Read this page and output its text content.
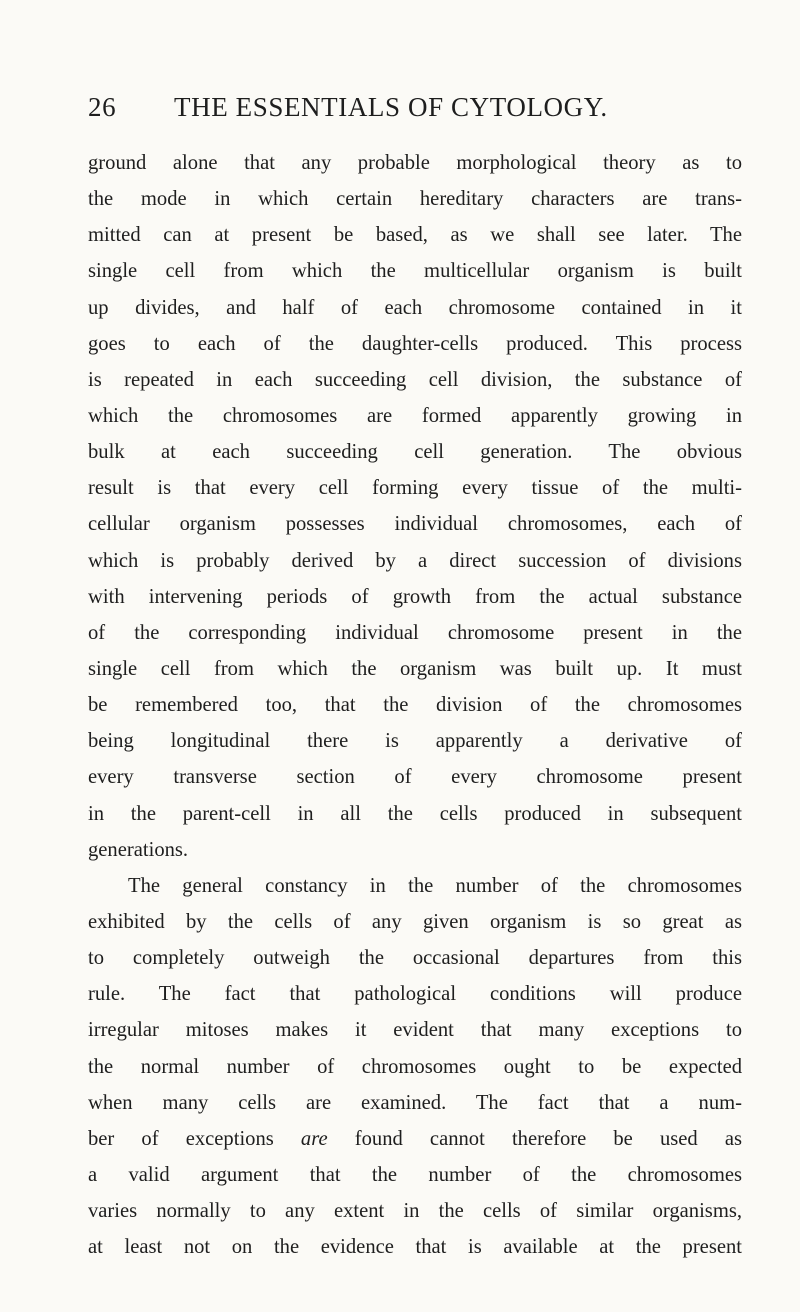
26 THE ESSENTIALS OF CYTOLOGY.
ground alone that any probable morphological theory as to
the mode in which certain hereditary characters are trans-
mitted can at present be based, as we shall see later. The
single cell from which the multicellular organism is built
up divides, and half of each chromosome contained in it
goes to each of the daughter-cells produced. This process
is repeated in each succeeding cell division, the substance of
which the chromosomes are formed apparently growing in
bulk at each succeeding cell generation. The obvious
result is that every cell forming every tissue of the multi-
cellular organism possesses individual chromosomes, each of
which is probably derived by a direct succession of divisions
with intervening periods of growth from the actual substance
of the corresponding individual chromosome present in the
single cell from which the organism was built up. It must
be remembered too, that the division of the chromosomes
being longitudinal there is apparently a derivative of
every transverse section of every chromosome present
in the parent-cell in all the cells produced in subsequent
generations.
The general constancy in the number of the chromosomes
exhibited by the cells of any given organism is so great as
to completely outweigh the occasional departures from this
rule. The fact that pathological conditions will produce
irregular mitoses makes it evident that many exceptions to
the normal number of chromosomes ought to be expected
when many cells are examined. The fact that a num-
ber of exceptions are found cannot therefore be used as
a valid argument that the number of the chromosomes
varies normally to any extent in the cells of similar organisms,
at least not on the evidence that is available at the present
